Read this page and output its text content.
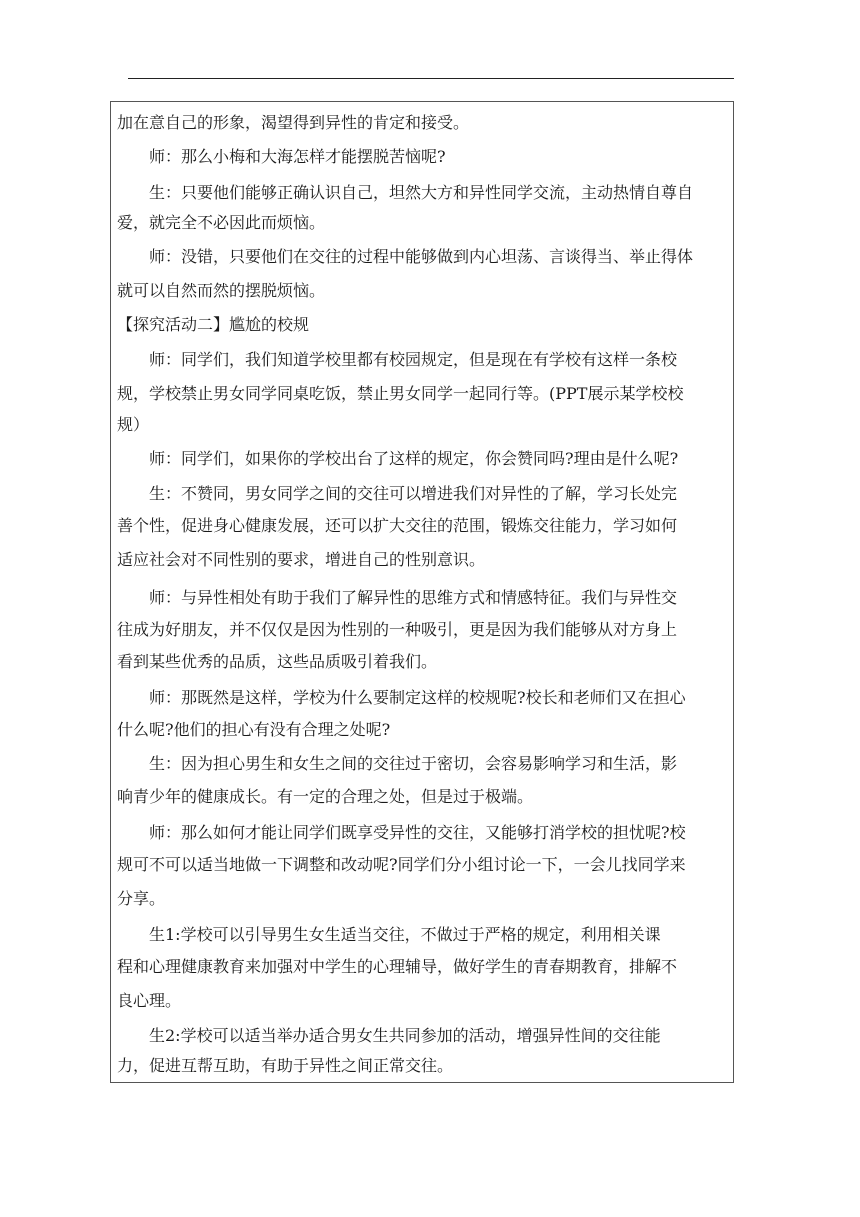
加在意自己的形象，渴望得到异性的肯定和接受。

师：那么小梅和大海怎样才能摆脱苦恼呢?

生：只要他们能够正确认识自己，坦然大方和异性同学交流，主动热情自尊自

爱，就完全不必因此而烦恼。

师：没错，只要他们在交往的过程中能够做到内心坦荡、言谈得当、举止得体

就可以自然而然的摆脱烦恼。

【探究活动二】尴尬的校规

师：同学们，我们知道学校里都有校园规定，但是现在有学校有这样一条校

规，学校禁止男女同学同桌吃饭，禁止男女同学一起同行等。(PPT展示某学校校

规）

师：同学们，如果你的学校出台了这样的规定，你会赞同吗?理由是什么呢?

生：不赞同，男女同学之间的交往可以增进我们对异性的了解，学习长处完

善个性，促进身心健康发展，还可以扩大交往的范围，锻炼交往能力，学习如何

适应社会对不同性别的要求，增进自己的性别意识。

师：与异性相处有助于我们了解异性的思维方式和情感特征。我们与异性交

往成为好朋友，并不仅仅是因为性别的一种吸引，更是因为我们能够从对方身上

看到某些优秀的品质，这些品质吸引着我们。

师：那既然是这样，学校为什么要制定这样的校规呢?校长和老师们又在担心

什么呢?他们的担心有没有合理之处呢?

生：因为担心男生和女生之间的交往过于密切，会容易影响学习和生活，影

响青少年的健康成长。有一定的合理之处，但是过于极端。

师：那么如何才能让同学们既享受异性的交往，又能够打消学校的担忧呢?校

规可不可以适当地做一下调整和改动呢?同学们分小组讨论一下，一会儿找同学来

分享。

生1:学校可以引导男生女生适当交往，不做过于严格的规定，利用相关课

程和心理健康教育来加强对中学生的心理辅导，做好学生的青春期教育，排解不

良心理。

生2:学校可以适当举办适合男女生共同参加的活动，增强异性间的交往能

力，促进互帮互助，有助于异性之间正常交往。
